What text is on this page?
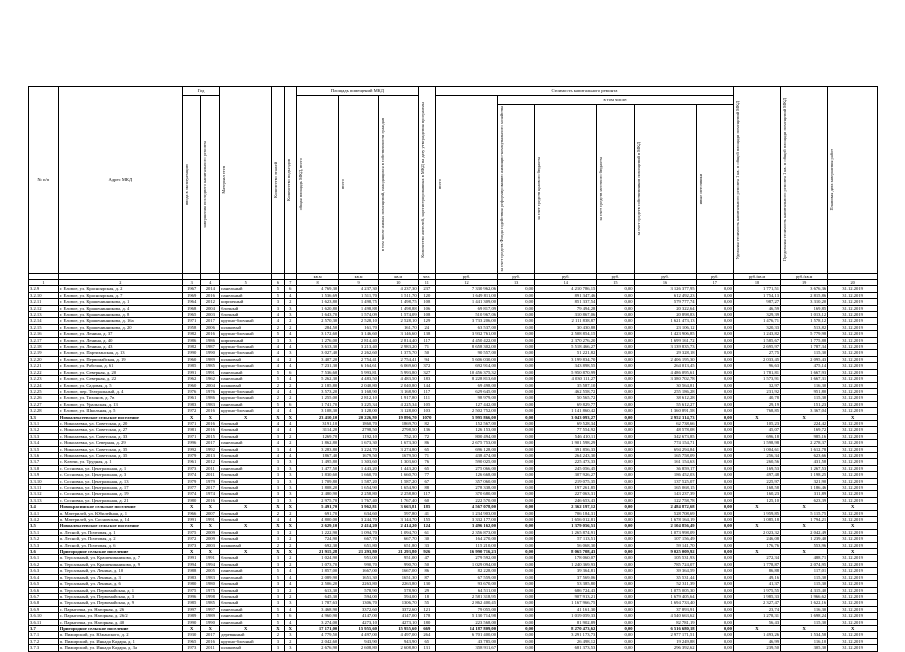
№ п/п	Адрес МКД	Год		Материал стен	Количество этажей	Количество подъездов	Площадь помещений МКД			Количество жителей, зарегистрированных в МКД на дату утверждения программы	Стоимость капитального ремонта						Удельная стоимость капитального ремонта 1 кв. м общей площади помещений МКД	Предельная стоимость капитального ремонта 1 кв. м общей площади помещений МКД	Плановая дата завершения работ

		ввода в эксплуатацию	завершения последнего капитального ремонта				общая площадь МКД, всего	всего	в том числе жилых помещений, находящихся в собственности граждан		всего	в том числе:							

												за счет средств Фонда содействия реформированию жилищно-коммунального хозяйства	за счет средств краевого бюджета	за счет средств местного бюджета	за счет средств собственников помещений в МКД	иные источники			

							кв.м	кв.м	кв.м	чел.	руб.	руб.	руб.	руб.	руб.	руб.	руб./кв.м	руб./кв.м	
1	2	3	4	5	6	7	8	9	10	11	12	13	14	15	16	17	18	19	20
3.2.9	г. Еловое, ул. Красноярская, д. 2	1967	2014	панельный	5	6	4 769,30	4 237,30	4 237,30	237	7 330 962,06	0,00	4 210 786,15	0,00	3 126 377,95	0,00	1 771,51	3 676,36	31.12.2019
3.2.10	г. Еловое, ул. Красноярская, д. 7	1969	2016	панельный	5	4	1 536,69	1 511,70	1 511,70	120	1 649 811,00	0,00	891 347,46	0,00	612 492,23	0,00	1 754,13	2 815,86	31.12.2019
3.2.11	г. Еловое, ул. Крашенинникова, д. 1	1964	2012	кирпичный	3	2	1 623,80	1 498,75	1 498,75	108	1 441 309,00	0,00	851 337,54	0,00	579 777,74	0,00	987,27	3 310,20	31.12.2019
3.2.12	г. Еловое, ул. Крашенинникова, д. 4	1968	2004	блочный	3	3	1 620,80	1 498,88	1 498,88	106	69 817,09	0,00	79 494,28	0,00	20 322,64	0,00	46,59	169,85	31.12.2019
3.2.13	г. Еловое, ул. Крашенинникова, д. 8	1965	2003	блочный	4	3	1 643,70	1 574,09	1 574,09	108	510 967,06	0,00	310 867,06	0,00	20 898,83	0,00	329,39	1 013,12	31.12.2019
3.2.14	г. Еловое, ул. Крашенинникова, д. 16а	1971	2017	крупно-блочный	4	2	2 570,30	2 528,10	2 528,10	129	3 733 206,00	0,00	2 111 838,87	0,00	1 621 473,13	0,00	1 476,71	1 578,12	31.12.2019
3.2.15	г. Еловое, ул. Крашенинникова, д. 20	1958	2006	шлаковый	2	2	284,50	161,70	161,70	24	63 537,00	0,00	30 430,88	0,00	23 106,12	0,00	320,33	513,82	31.12.2019
3.2.16	г. Еловое, ул. Ленина, д. 37	1982	2016	крупно-блочный	5	4	3 172,60	3 146,60	3 146,60	138	3 932 761,00	0,00	2 508 854,15	0,00	1 423 906,85	0,00	1 243,82	5 779,98	31.12.2019
3.2.17	г. Еловое, ул. Ленина, д. 40	1986	1986	кирпичный	3	3	1 276,00	2 814,40	2 814,40	117	4 450 422,00	0,00	2 370 276,20	0,00	1 699 161,72	0,00	1 585,67	1 775,88	31.12.2019
3.2.18	г. Еловое, ул. Ленина, д. 43	1982	1987	крупно-блочный	4	4	3 613,30	3 213,40	2 983,20	71	8 658 302,00	0,00	5 518 466,27	0,00	3 139 835,73	0,00	2 695,97	1 787,34	31.12.2019
3.2.19	г. Еловое, ул. Партизанская, д. 13	1990	1990	крупно-блочный	4	3	3 027,40	2 262,60	1 375,70	50	90 557,00	0,00	51 221,82	0,00	29 328,18	0,00	27,75	115,30	31.12.2019
3.2.20	г. Еловое, ул. Первомайская, д. 19	1960	1989	шлаковый	4	2	3 407,20	2 754,41	2 754,41	94	5 606 030,00	0,00	3 199 834,70	0,00	2 406 195,30	0,00	2 033,45	2 095,43	31.12.2019
3.2.21	г. Еловое, ул. Рабочая, д. 61	1985	1985	крупно-блочный	4	4	7 231,30	6 164,61	6 069,60	372	692 914,00	0,00	343 898,55	0,00	264 013,45	0,00	96,63	475,14	31.12.2019
3.2.22	г. Еловое, ул. Северная, д. 20	1991	1991	панельный	5	6	7 536,60	5 993,81	5 993,80	327	10 456 375,32	0,00	5 950 870,99	0,00	4 486 095,61	0,00	1 781,81	1 667,93	31.12.2019
3.2.23	г. Еловое, ул. Северная, д. 22	1962	1962	панельный	5	4	5 262,30	4 483,50	4 483,50	183	8 228 813,60	0,00	4 030 111,27	0,00	3 380 702,78	0,00	1 573,91	1 667,31	31.12.2019
3.2.24	г. Еловое, ул. Садовая, д. 5	1960	2004	шлаковый	2	2	2 185,80	2 040,80	2 040,80	144	69 498,00	0,00	35 587,10	0,00	30 564,81	0,00	32,97	116,30	31.12.2019
3.2.25	г. Еловое, пер. Театральный, д. 4	1976	1976	крупно-блочный	4	4	3 573,20	3 168,90	3 168,90	117	629 645,00	0,00	462 558,72	0,00	255 186,28	0,00	231,92	951,80	31.12.2019
3.2.26	г. Еловое, ул. Тихонов, д. 7в	1961	1986	крупно-блочный	2	2	1 255,00	2 812,10	1 917,80	111	98 979,00	0,00	50 565,72	0,00	38 612,28	0,00	40,78	115,30	31.12.2019
3.2.27	г. Еловое, ул. Уральская, д. 13	1983	1983	панельный	5	6	1 741,70	3 225,34	4 225,34	105	127 442,00	0,00	69 829,77	0,00	55 612,27	0,00	29,19	151,23	31.12.2019
3.2.28	г. Еловое, ул. Школьная, д. 5	1972	2016	крупно-блочный	4	4	3 108,30	3 128,00	3 128,00	103	2 502 752,00	0,00	1 141 860,42	0,00	1 360 891,58	0,00	768,85	3 367,04	31.12.2019
3.3	Новоалексеевское сельское поселение	X	X	X	X	X	23 410,10	20 226,80	19 896,70	1070	5 995 866,00	0,00	3 043 093,27	0,00	2 952 314,73	0,00	X	X	X
3.3.1	с. Николаевка, ул. Советская, д. 20	1971	2016	блочный	4	4	3191,10	1860,70	1869,70	82	152 567,00	0,00	69 528,34	0,00	62 738,66	0,00	105,23	224,42	31.12.2019
3.3.2	с. Николаевка, ул. Советская, д. 27	1981	2016	блочный	4	4	3114,20	2798,50	2798,50	136	126 153,00	0,00	77 554,92	0,00	48 578,08	0,00	45,07	169,72	31.12.2019
3.3.3	с. Николаевка, ул. Советская, д. 33	1971	2015	блочный	3	2	1269,70	1192,10	752,10	72	800 494,00	0,00	546 410,11	0,00	342 673,85	0,00	696,18	985,16	31.12.2019
3.3.4	с. Николаевка, ул. Северная, д. 29	1996	2017	панельный	4	2	1 862,80	1 673,30	1 673,30	86	2 675 753,00	0,00	1 901 598,29	0,00	774 154,71	0,00	1 598,98	2 278,37	31.12.2019
3.3.5	с. Николаевка, ул. Советская, д. 35	1992	1992	блочный	3	4	3 283,80	3 224,70	3 274,80	65	696 128,00	0,00	391 856,33	0,00	694 294,84	0,00	1 004,61	1 612,78	31.12.2019
3.3.6	с. Николаевка, ул. Советская, д. 35	1979	2013	блочный	4	4	1867,40	1679,50	1679,50	71	438 474,00	0,00	264 243,30	0,00	165 758,09	0,00	256,34	623,66	31.12.2019
3.3.7	с. Ключи, ул. Трудная, д. 1	1961	2012	блочный	3	3	1 495,80	1 303,60	1 303,60	76	590 025,00	0,00	225 473,33	0,00	161 154,63	0,00	260,56	431,58	31.12.2019
3.3.8	с. Сосновка, ул. Центральная, д. 1	1973	2011	панельный	3	3	1 477,50	1 443,20	1 443,20	65	275 066,00	0,00	245 056,45	0,00	36 859,17	0,00	169,53	1 267,53	31.12.2019
3.3.9	с. Сосновка, ул. Центральная, д. 3	1974	2011	блочный	3	3	1 830,60	1 660,70	1 660,70	77	126 668,00	0,00	307 926,27	0,00	186 452,03	0,00	497,48	1 198,25	31.12.2019
3.3.10	с. Сосновка, ул. Центральная, д. 13	1979	1979	блочный	3	3	1 709,80	1 587,20	1 587,20	67	357 060,00	0,00	219 075,35	0,00	137 525,07	0,00	225,97	321,90	31.12.2019
3.3.11	с. Сосновка, ул. Центральная, д. 17	1977	2017	блочный	3	3	1 808,20	1 654,90	1 654,90	88	278 338,00	0,00	197 261,85	0,00	165 068,15	0,00	168,58	1 186,46	31.12.2019
3.3.12	с. Сосновка, ул. Центральная, д. 19	1974	1974	блочный	3	3	2 480,90	2 258,80	2 258,80	117	370 680,00	0,00	227 063,31	0,00	143 237,39	0,00	160,23	311,89	31.12.2019
3.3.13	с. Сосновка, ул. Центральная, д. 21	1980	2016	блочный	3	3	2 975,70	1 767,40	1 767,40	60	222 570,00	0,00	246 653,43	0,00	122 758,78	0,00	125,10	623,39	31.12.2019
3.4	Новокрасинское сельское поселение	X	X	X	X	X	5 491,70	3 962,81	3 663,81	185	4 567 078,00	0,00	2 362 197,12	0,00	2 484 872,68	0,00	X	X	X
3.4.1	п. Материлгй, ул. Юбилейная, д. 1	1966	2007	блочный	2	2	691,70	634,60	597,80	41	1 234 903,00	0,00	706 184,31	0,00	528 708,69	0,00	1 959,85	5 115,75	31.12.2019
3.4.2	п. Материлгй, ул. Сосновская, д. 14	1991	1991	блочный	4	4	4 800,00	3 244,70	3 144,70	155	3 332 177,00	0,00	1 656 012,81	0,00	1 678 164,19	0,00	1 085,18	1 794,21	31.12.2019
3.5	Новоалексеевское сельское поселение	X	X	X	X	X	2 629,10	2 414,20	2 414,20	124	3 496 162,00	0,00	1 379 056,51	0,00	2 104 856,49	0,00	X	X	X
3.5.1	п. Лесной, ул. Почтовая, д. 1	1975	2009	блочный	3	2	1 222,90	1 094,70	1 094,70	61	2 356 873,00	0,00	1 265 874,91	0,00	1 073 998,09	0,00	2 023,32	2 042,49	31.12.2019
3.5.2	п. Лесной, ул. Почтовая, д. 2	1972	2009	блочный	3	2	724,90	667,70	667,70	30	164 270,00	0,00	57 113,51	0,00	107 156,49	0,00	246,08	1 239,40	31.12.2019
3.5.3	п. Лесной, ул. Почтовая, д. 6	1973	2003	шлаковый	2	2	692,30	651,80	651,80	33	115 210,00	0,00	56 068,30	0,00	59 141,70	0,00	176,76	553,96	31.12.2019
3.6	Пригородное сельское поселение	X	X	X	X	X	21 915,28	21 293,80	21 293,80	926	16 990 716,23	0,00	8 065 708,43	0,00	9 025 009,92	0,00	X	X	X
3.6.1	п. Терсальный, ул. Крашенинникова, д. 7	1991	1991	блочный	3	2	1 024,90	951,00	951,00	47	279 592,00	0,00	178 060,07	0,00	105 531,93	0,00	272,34	488,71	31.12.2019
3.6.2	п. Терсальный, ул. Крашенинникова, д. 9	1994	1994	блочный	3	2	1 073,70	990,70	990,70	50	1 029 094,00	0,00	1 240 369,93	0,00	785 724,07	0,00	1 778,87	2 074,95	31.12.2019
3.6.3	п. Терсальный, ул. Ленина, д. 10	1988	2005	панельный	5	4	1 857,00	1667,00	1667,00	86	82 228,00	0,00	39 364,81	0,00	39 364,59	0,00	86,88	117,01	31.12.2019
3.6.4	п. Терсальный, ул. Ленина, д. 3	1983	1983	панельный	5	4	2 089,90	1651,30	1651,30	87	67 559,00	0,00	37 569,06	0,00	35 531,44	0,00	49,16	115,30	31.12.2019
3.6.5	п. Терсальный, ул. Ленина, д. 6	1980	1980	блочный	3	4	2 506,20	2263,80	2263,80	130	93 670,00	0,00	53 385,80	0,00	52 311,39	0,00	41,37	115,30	31.12.2019
3.6.6	п. Терсальный, ул. Первомайская, д. 1	1975	1975	блочный	3	2	613,30	578,90	578,90	29	64 511,00	0,00	686 724,43	0,00	1 075 005,30	0,00	1 975,55	4 315,40	31.12.2019
3.6.7	п. Терсальный, ул. Первомайская, д. 3	1996	1998	блочный	3	2	645,30	594,00	594,00	18	2 581 318,95	0,00	907 913,21	0,00	1 679 405,64	0,00	1 985,33	1 966,62	31.12.2019
3.6.8	п. Терсальный, ул. Первомайская, д. 9	1985	1985	блочный	3	3	1 787,63	1306,70	1306,70	55	2 862 400,45	0,00	1 167 966,75	0,00	1 694 733,40	0,00	2 327,47	1 622,16	31.12.2019
3.6.9	с. Парыгочка, ул. Нагорная, д. 26	1997	1997	панельный	5	4	3 468,90	3372,60	3372,60	121	79 055,00	0,00	41 161,30	0,00	37 893,91	0,00	23,74	116,30	31.12.2019
3.6.10	с. Парыгочка, ул. Нагорная, д. 26/2	1989	1989	панельный	5	6	4 960,90	4147,00	4147,00	178	5 130 714,98	0,00	1 019 059,33	0,00	4 540 663,62	0,00	1 278,31	1 698,24	31.12.2019
3.6.11	с. Парыгочка, ул. Нагорная, д. 40	1990	1990	панельный	5	4	3 274,00	4273,10	4273,10	180	223 568,00	0,00	81 902,89	0,00	82 781,19	0,00	56,43	115,30	31.12.2019
3.7	Пригородное сельское поселение	X	X	X	X	X	17 171,00	15 955,60	15 955,60	669	14 187 809,00	0,00	8 270 473,62	0,00	6 516 680,18	0,00	X	X	X
3.7.1	п. Пижирский, ул. Южанского, д. 2	1930	2017	деревянный	2	3	4 779,50	4 497,00	4 497,00	264	6 701 400,00	0,00	3 291 173,73	0,00	2 977 171,51	0,00	1 493,26	1 534,58	31.12.2019
3.7.2	п. Пижирский, ул. Инкада Кадаря, д. 1	1965	2016	крупно-блочный	3	2	2 042,60	943,90	943,90	65	43 785,00	0,00	26 498,12	0,00	19 249,88	0,00	46,99	116,10	31.12.2019
3.7.3	п. Пижирский, ул. Инкада Кадаря, д. 3а	1973	2011	шлаковый	3	3	2 676,90	2 608,80	2 608,80	131	358 911,67	0,00	681 373,53	0,00	296 392,62	0,00	239,50	305,30	31.12.2019
